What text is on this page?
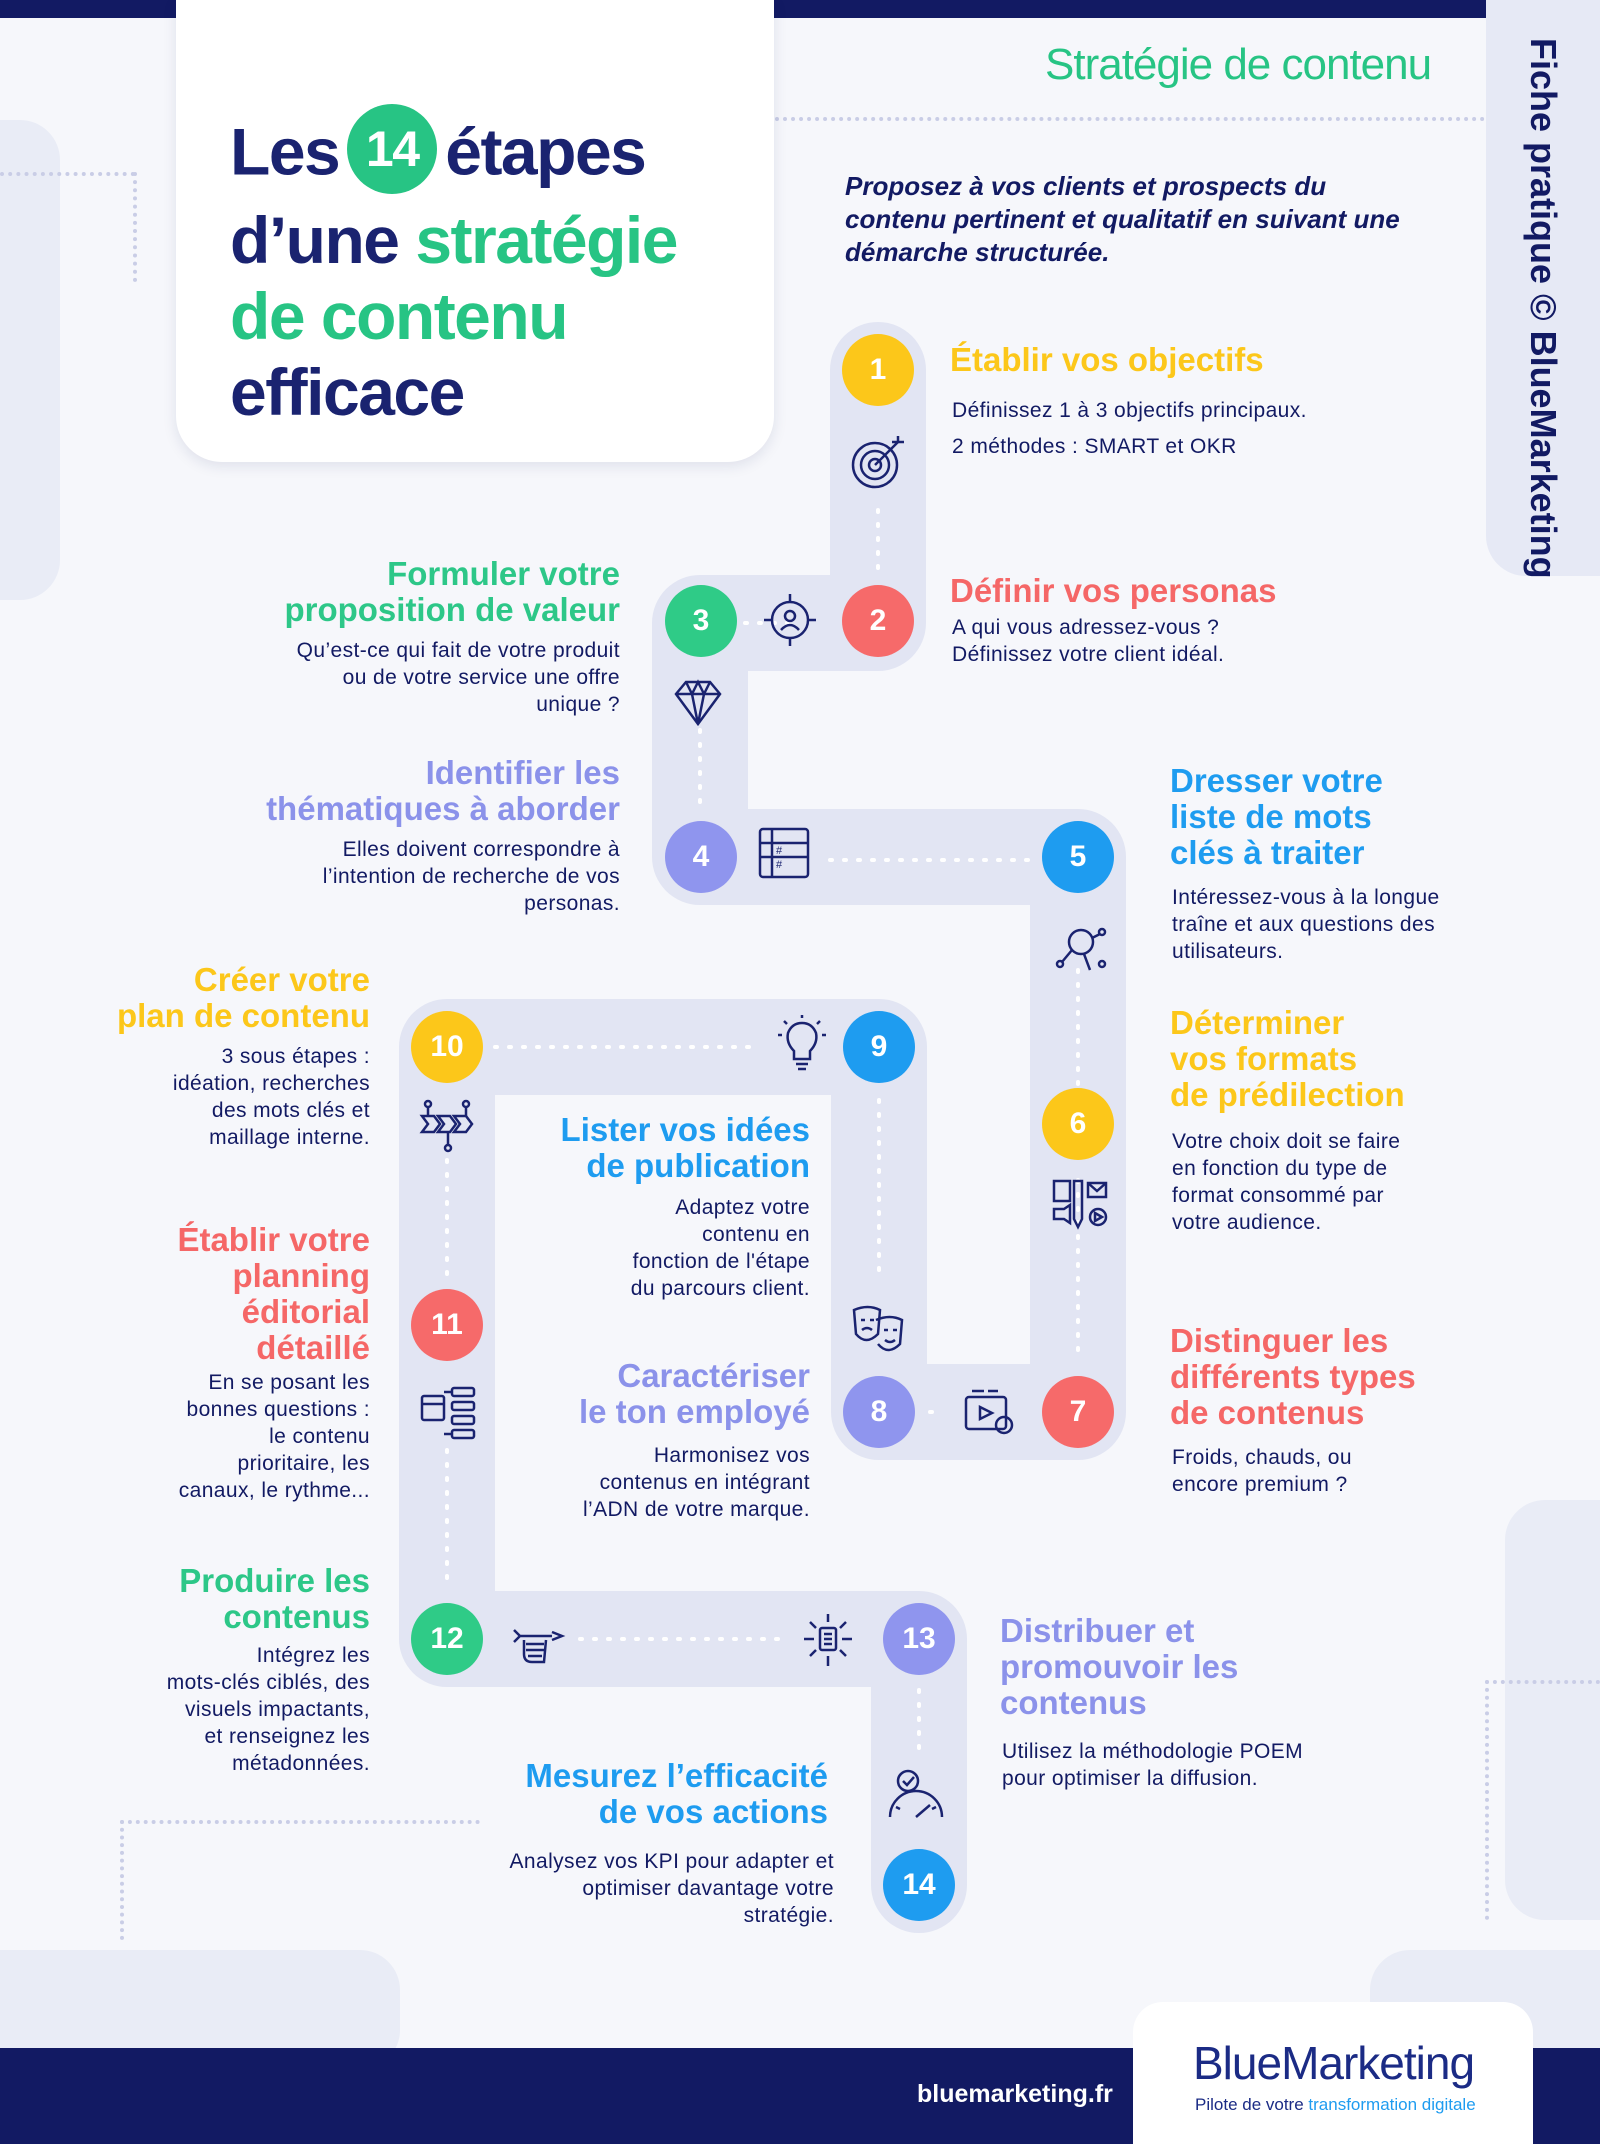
Les 14 étapes
d’une stratégie
de contenu
efficace
Stratégie de contenu	Fiche pratique © BlueMarketing
Proposez à vos clients et prospects du contenu pertinent et qualitatif en suivant une démarche structurée.
1
2
3
4	5
6
7
8
9
10
11
12	13
14
#
#
Établir vos objectifs
Définissez 1 à 3 objectifs principaux.
2 méthodes : SMART et OKR
Définir vos personas
A qui vous adressez-vous ?
Définissez votre client idéal.
Formuler votre
proposition de valeur
Qu’est-ce qui fait de votre produit
ou de votre service une offre
unique ?
Identifier les
thématiques à aborder
Elles doivent correspondre à
l’intention de recherche de vos
personas.
Dresser votre
liste de mots
clés à traiter
Intéressez-vous à la longue
traîne et aux questions des
utilisateurs.
Déterminer
vos formats
de prédilection
Votre choix doit se faire
en fonction du type de
format consommé par
votre audience.
Distinguer les
différents types
de contenus
Froids, chauds, ou
encore premium ?
Caractériser
le ton employé
Harmonisez vos
contenus en intégrant
l’ADN de votre marque.
Lister vos idées
de publication
Adaptez votre
contenu en
fonction de l'étape
du parcours client.
Créer votre
plan de contenu
3 sous étapes :
idéation, recherches
des mots clés et
maillage interne.
Établir votre
planning
éditorial
détaillé
En se posant les
bonnes questions :
le contenu
prioritaire, les
canaux, le rythme...
Produire les
contenus
Intégrez les
mots-clés ciblés, des
visuels impactants,
et renseignez les
métadonnées.
Distribuer et
promouvoir les
contenus
Utilisez la méthodologie POEM
pour optimiser la diffusion.
Mesurez l’efficacité
de vos actions
Analysez vos KPI pour adapter et
optimiser davantage votre
stratégie.
bluemarketing.fr
BlueMarketing
Pilote de votre transformation digitale
